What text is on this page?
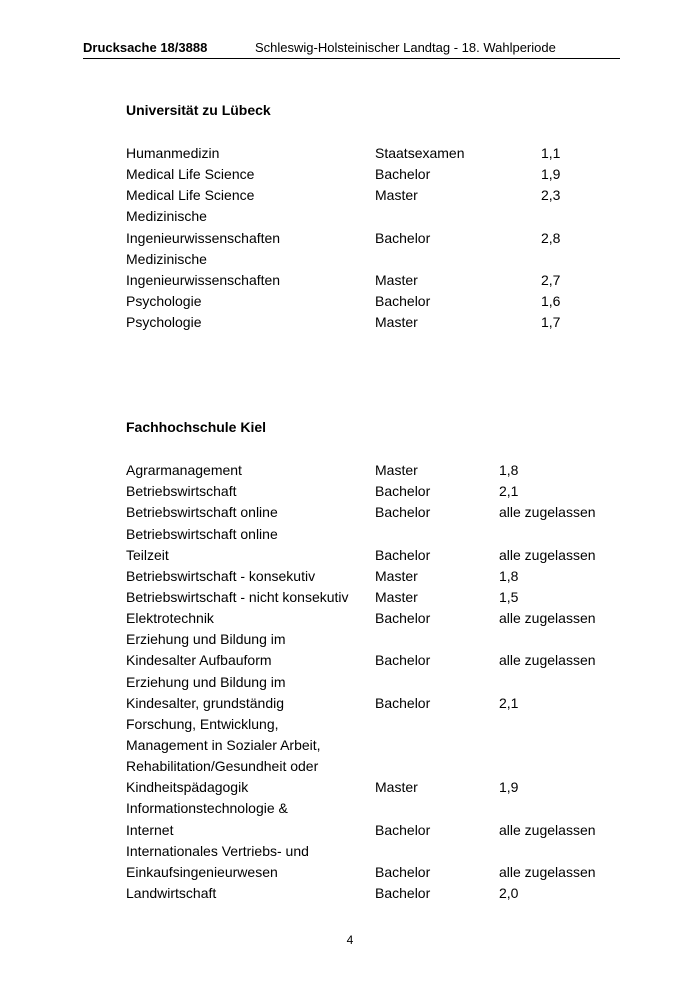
Drucksache 18/3888	Schleswig-Holsteinischer Landtag - 18. Wahlperiode
Universität zu Lübeck
Humanmedizin	Staatsexamen	1,1
Medical Life Science	Bachelor	1,9
Medical Life Science	Master	2,3
Medizinische
Ingenieurwissenschaften	Bachelor	2,8
Medizinische
Ingenieurwissenschaften	Master	2,7
Psychologie	Bachelor	1,6
Psychologie	Master	1,7
Fachhochschule Kiel
Agrarmanagement	Master	1,8
Betriebswirtschaft	Bachelor	2,1
Betriebswirtschaft online	Bachelor	alle zugelassen
Betriebswirtschaft online
Teilzeit	Bachelor	alle zugelassen
Betriebswirtschaft - konsekutiv	Master	1,8
Betriebswirtschaft - nicht konsekutiv Master	1,5
Elektrotechnik	Bachelor	alle zugelassen
Erziehung und Bildung im
Kindesalter Aufbauform	Bachelor	alle zugelassen
Erziehung und Bildung im
Kindesalter, grundständig	Bachelor	2,1
Forschung, Entwicklung,
Management in Sozialer Arbeit,
Rehabilitation/Gesundheit oder
Kindheitspädagogik	Master	1,9
Informationstechnologie &
Internet	Bachelor	alle zugelassen
Internationales Vertriebs- und
Einkaufsingenieurwesen	Bachelor	alle zugelassen
Landwirtschaft	Bachelor	2,0
4
